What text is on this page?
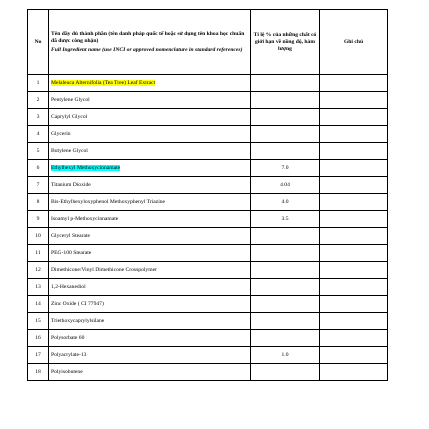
No	Tên đầy đủ thành phần (tên danh pháp quốc tế hoặc sử dụng tên khoa học chuẩn đã được công nhận)
Full Ingredient name (use INCI or approved nomenclature in standard references)	Tỉ lệ % của những chất có giới hạn về nồng độ, hàm lượng	Ghi chú
1	Melaleuca Alternifolia (Tea Tree) Leaf Extract		
2	Pentylene Glycol		
3	Caprylyl Glycol		
4	Glycerin		
5	Butylene Glycol		
6	Ethylhexyl Methoxycinnamate	7.0	
7	Titanium Dioxide	4.04	
8	Bis-Ethylhexyloxyphenol Methoxyphenyl Triazine	4.0	
9	Isoamyl p-Methoxycinnamate	3.5	
10	Glyceryl Stearate		
11	PEG-100 Stearate		
12	Dimethicone/Vinyl Dimethicone Crosspolymer		
13	1,2-Hexanediol		
14	Zinc Oxide ( CI 77947)		
15	Triethoxycaprylylsilane		
16	Polysorbate 60		
17	Polyacrylate-13	1.0	
18	Polyisobutene		
